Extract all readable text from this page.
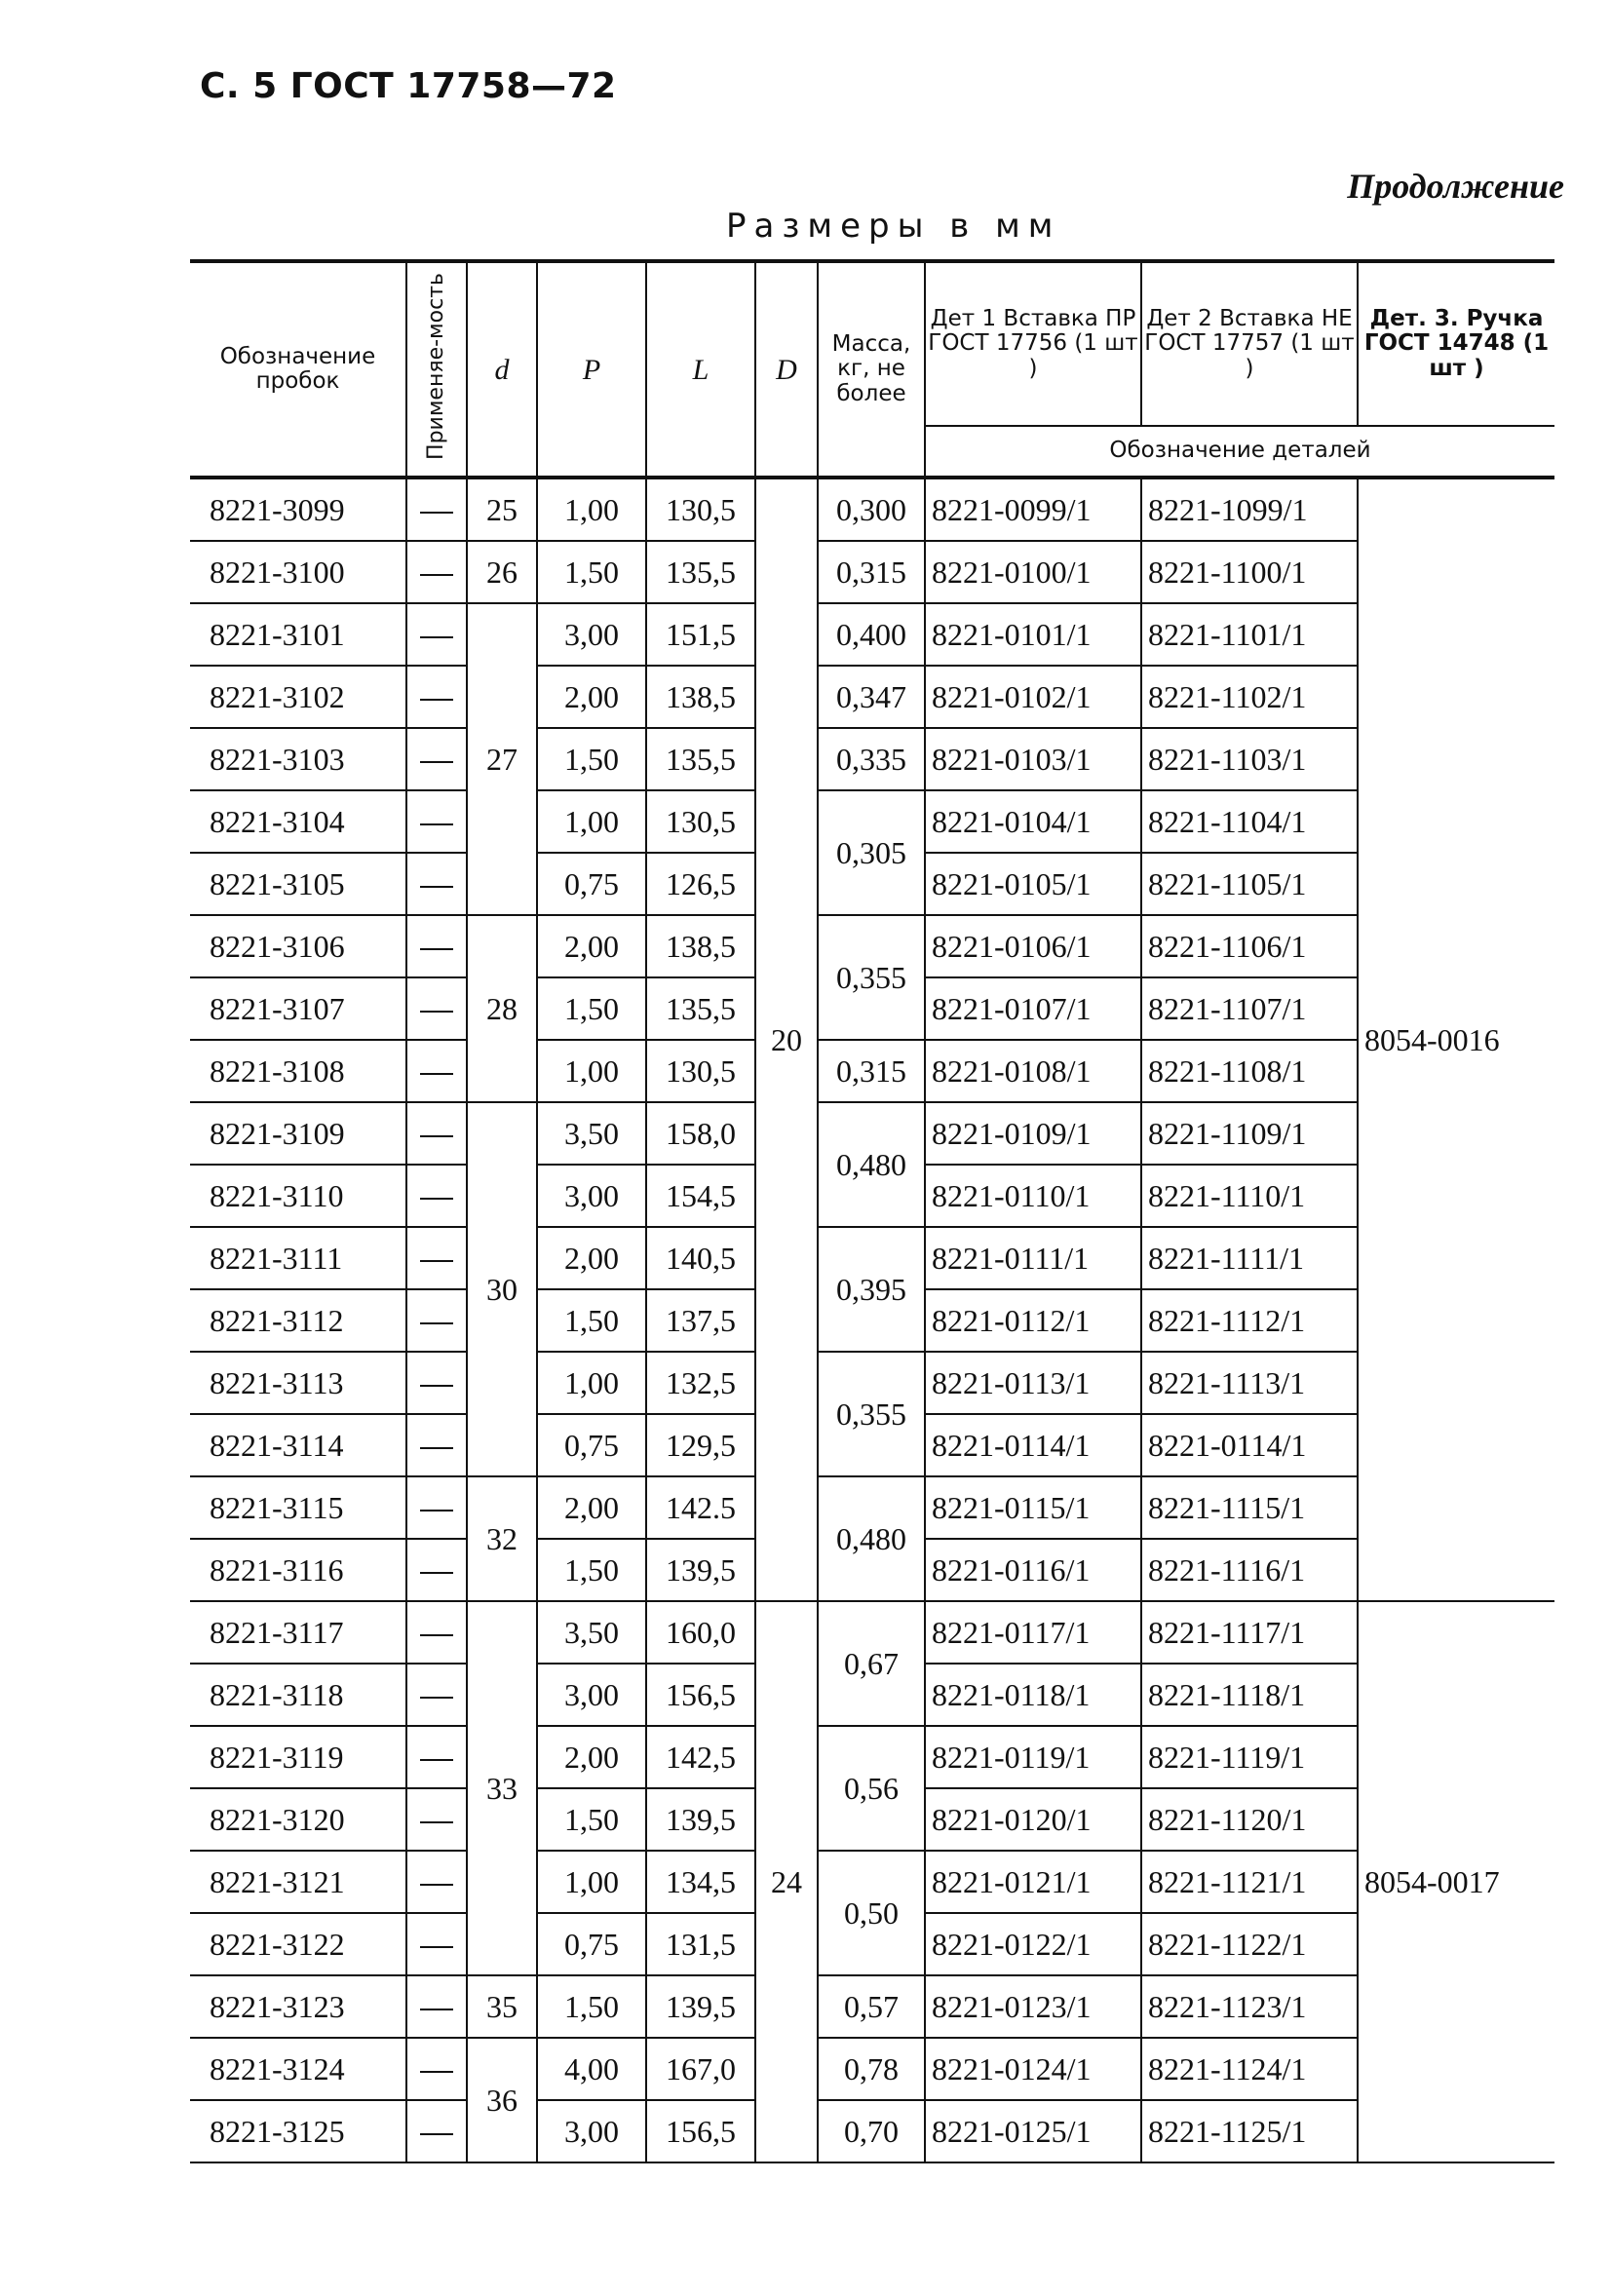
С. 5 ГОСТ 17758—72
Продолжение
Размеры в мм
Обозначение пробок	Применяе-мость	d	P	L	D	Масса, кг, не более	Дет 1 Вставка ПР ГОСТ 17756 (1 шт )	Дет 2 Вставка НЕ ГОСТ 17757 (1 шт )	Дет. 3. Ручка ГОСТ 14748 (1 шт )
							Обозначение деталей		
8221-3099		25	1,00	130,5	20	0,300	8221-0099/1	8221-1099/1	8054-0016
8221-3100		26	1,50	135,5		0,315	8221-0100/1	8221-1100/1	
8221-3101		27	3,00	151,5		0,400	8221-0101/1	8221-1101/1	
8221-3102			2,00	138,5		0,347	8221-0102/1	8221-1102/1	
8221-3103			1,50	135,5		0,335	8221-0103/1	8221-1103/1	
8221-3104			1,00	130,5		0,305	8221-0104/1	8221-1104/1	
8221-3105			0,75	126,5			8221-0105/1	8221-1105/1	
8221-3106		28	2,00	138,5		0,355	8221-0106/1	8221-1106/1	
8221-3107			1,50	135,5			8221-0107/1	8221-1107/1	
8221-3108			1,00	130,5		0,315	8221-0108/1	8221-1108/1	
8221-3109		30	3,50	158,0		0,480	8221-0109/1	8221-1109/1	
8221-3110			3,00	154,5			8221-0110/1	8221-1110/1	
8221-3111			2,00	140,5		0,395	8221-0111/1	8221-1111/1	
8221-3112			1,50	137,5			8221-0112/1	8221-1112/1	
8221-3113			1,00	132,5		0,355	8221-0113/1	8221-1113/1	
8221-3114			0,75	129,5			8221-0114/1	8221-0114/1	
8221-3115		32	2,00	142.5		0,480	8221-0115/1	8221-1115/1	
8221-3116			1,50	139,5			8221-0116/1	8221-1116/1	
8221-3117		33	3,50	160,0	24	0,67	8221-0117/1	8221-1117/1	8054-0017
8221-3118			3,00	156,5			8221-0118/1	8221-1118/1	
8221-3119			2,00	142,5		0,56	8221-0119/1	8221-1119/1	
8221-3120			1,50	139,5			8221-0120/1	8221-1120/1	
8221-3121			1,00	134,5		0,50	8221-0121/1	8221-1121/1	
8221-3122			0,75	131,5			8221-0122/1	8221-1122/1	
8221-3123		35	1,50	139,5		0,57	8221-0123/1	8221-1123/1	
8221-3124		36	4,00	167,0		0,78	8221-0124/1	8221-1124/1	
8221-3125			3,00	156,5		0,70	8221-0125/1	8221-1125/1	
